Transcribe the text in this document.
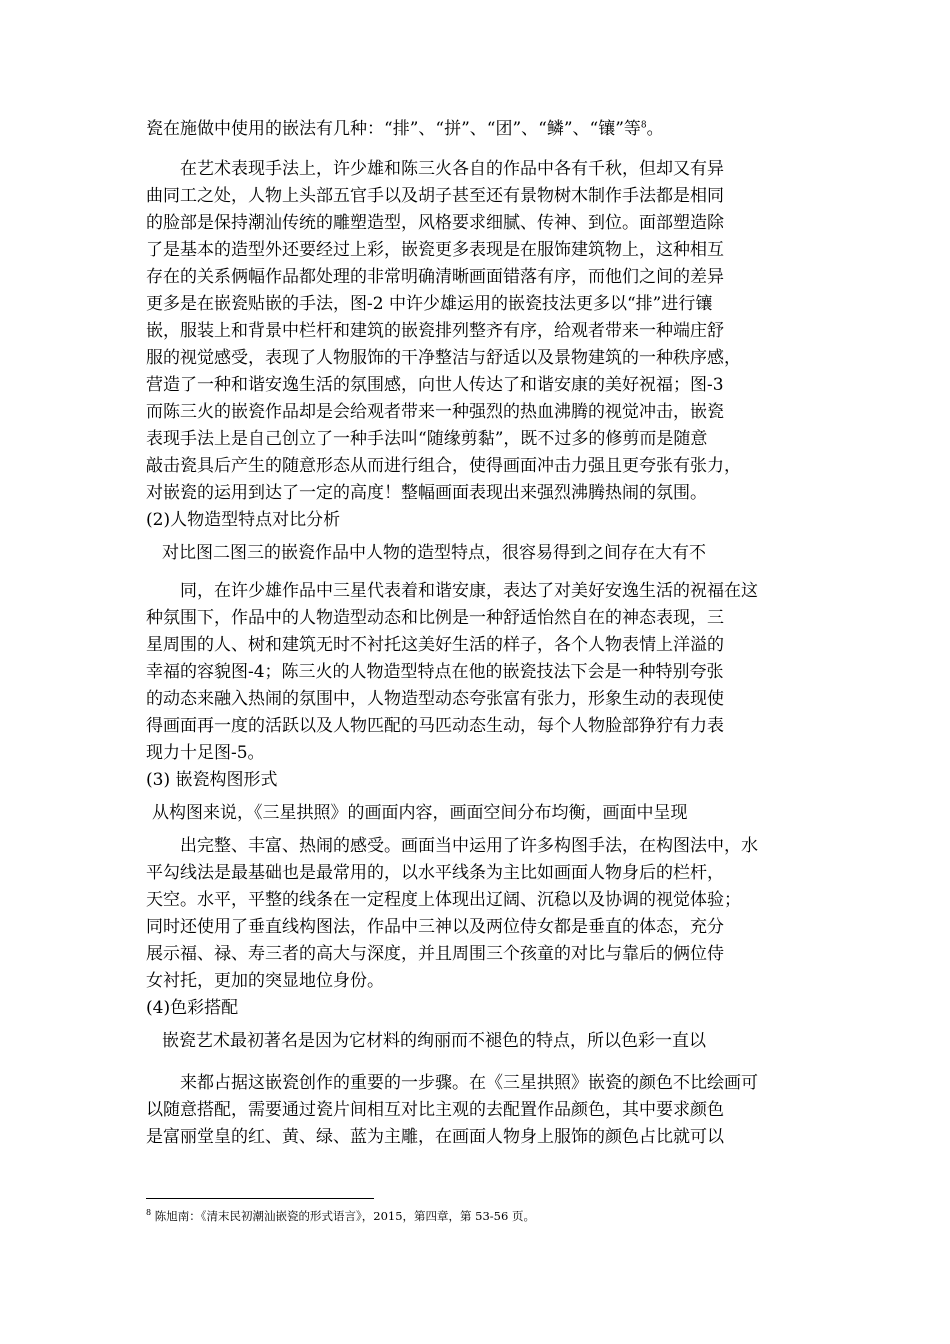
瓷在施做中使用的嵌法有几种：“排”、“拼”、“团”、“鳞”、“镶”等$^8$。
在艺术表现手法上，许少雄和陈三火各自的作品中各有千秋，但却又有异
曲同工之处，人物上头部五官手以及胡子甚至还有景物树木制作手法都是相同
的脸部是保持潮汕传统的雕塑造型，风格要求细腻、传神、到位。面部塑造除
了是基本的造型外还要经过上彩，嵌瓷更多表现是在服饰建筑物上，这种相互
存在的关系俩幅作品都处理的非常明确清晰画面错落有序，而他们之间的差异
更多是在嵌瓷贴嵌的手法，图-2 中许少雄运用的嵌瓷技法更多以“排”进行镶
嵌，服装上和背景中栏杆和建筑的嵌瓷排列整齐有序，给观者带来一种端庄舒
服的视觉感受，表现了人物服饰的干净整洁与舒适以及景物建筑的一种秩序感，
营造了一种和谐安逸生活的氛围感，向世人传达了和谐安康的美好祝福；图-3
而陈三火的嵌瓷作品却是会给观者带来一种强烈的热血沸腾的视觉冲击，嵌瓷
表现手法上是自己创立了一种手法叫“随缘剪黏”，既不过多的修剪而是随意
敲击瓷具后产生的随意形态从而进行组合，使得画面冲击力强且更夸张有张力，
对嵌瓷的运用到达了一定的高度！整幅画面表现出来强烈沸腾热闹的氛围。
(2)人物造型特点对比分析
对比图二图三的嵌瓷作品中人物的造型特点，很容易得到之间存在大有不
同，在许少雄作品中三星代表着和谐安康，表达了对美好安逸生活的祝福在这
种氛围下，作品中的人物造型动态和比例是一种舒适怡然自在的神态表现，三
星周围的人、树和建筑无时不衬托这美好生活的样子，各个人物表情上洋溢的
幸福的容貌图-4；陈三火的人物造型特点在他的嵌瓷技法下会是一种特别夸张
的动态来融入热闹的氛围中，人物造型动态夸张富有张力，形象生动的表现使
得画面再一度的活跃以及人物匹配的马匹动态生动，每个人物脸部狰狞有力表
现力十足图-5。
(3) 嵌瓷构图形式
从构图来说，《三星拱照》的画面内容，画面空间分布均衡，画面中呈现
出完整、丰富、热闹的感受。画面当中运用了许多构图手法，在构图法中，水
平勾线法是最基础也是最常用的，以水平线条为主比如画面人物身后的栏杆，
天空。水平，平整的线条在一定程度上体现出辽阔、沉稳以及协调的视觉体验；
同时还使用了垂直线构图法，作品中三神以及两位侍女都是垂直的体态，充分
展示福、禄、寿三者的高大与深度，并且周围三个孩童的对比与靠后的俩位侍
女衬托，更加的突显地位身份。
(4)色彩搭配
嵌瓷艺术最初著名是因为它材料的绚丽而不褪色的特点，所以色彩一直以
来都占据这嵌瓷创作的重要的一步骤。在《三星拱照》嵌瓷的颜色不比绘画可
以随意搭配，需要通过瓷片间相互对比主观的去配置作品颜色，其中要求颜色
是富丽堂皇的红、黄、绿、蓝为主雕，在画面人物身上服饰的颜色占比就可以
$^8$ 陈旭南：《清末民初潮汕嵌瓷的形式语言》，2015，第四章，第 53-56 页。
